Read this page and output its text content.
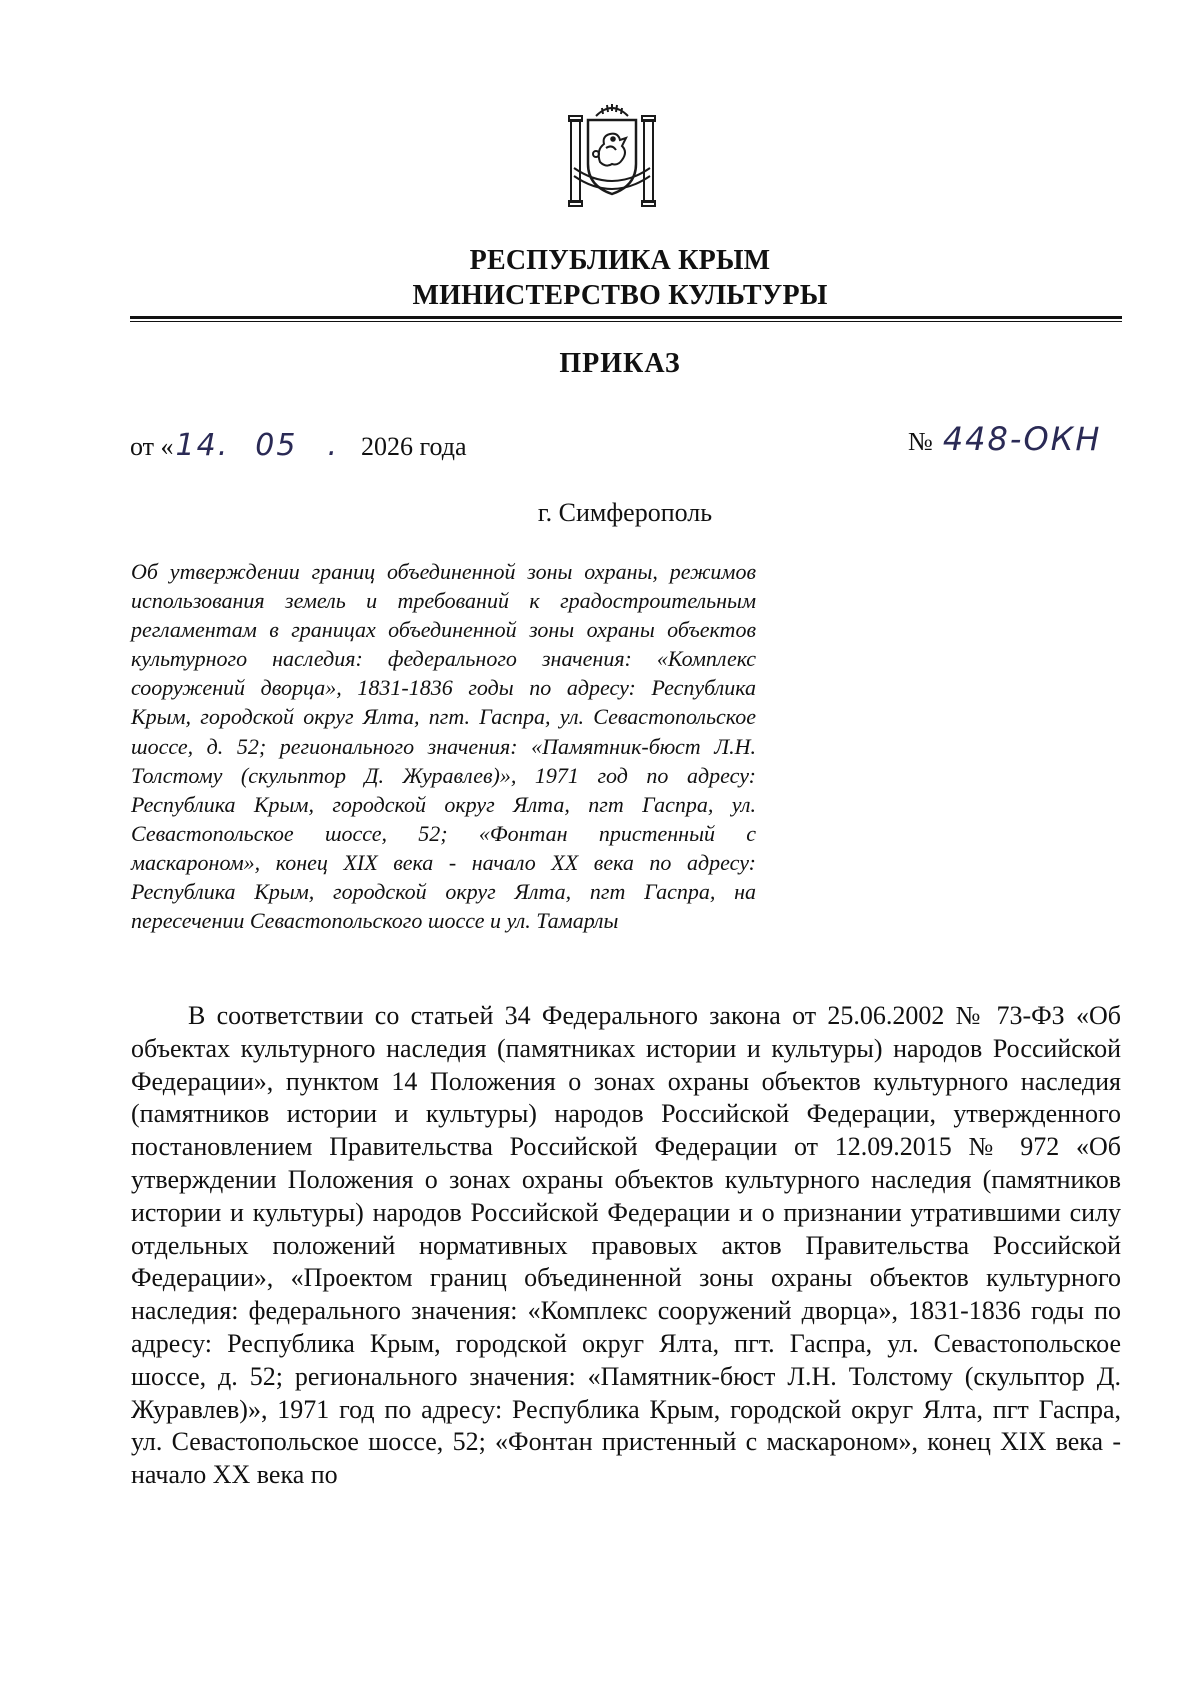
РЕСПУБЛИКА КРЫМ
МИНИСТЕРСТВО КУЛЬТУРЫ
ПРИКАЗ
от «14. 05 . 2026 года	№ 448-ОКН
г. Симферополь
Об утверждении границ объединенной зоны охраны, режимов использования земель и требований к градостроительным регламентам в границах объединенной зоны охраны объектов культурного наследия: федерального значения: «Комплекс сооружений дворца», 1831-1836 годы по адресу: Республика Крым, городской округ Ялта, пгт. Гаспра, ул. Севастопольское шоссе, д. 52; регионального значения: «Памятник-бюст Л.Н. Толстому (скульптор Д. Журавлев)», 1971 год по адресу: Республика Крым, городской округ Ялта, пгт Гаспра, ул. Севастопольское шоссе, 52; «Фонтан пристенный с маскароном», конец XIX века - начало XX века по адресу: Республика Крым, городской округ Ялта, пгт Гаспра, на пересечении Севастопольского шоссе и ул. Тамарлы
В соответствии со статьей 34 Федерального закона от 25.06.2002 № 73-ФЗ «Об объектах культурного наследия (памятниках истории и культуры) народов Российской Федерации», пунктом 14 Положения о зонах охраны объектов культурного наследия (памятников истории и культуры) народов Российской Федерации, утвержденного постановлением Правительства Российской Федерации от 12.09.2015 № 972 «Об утверждении Положения о зонах охраны объектов культурного наследия (памятников истории и культуры) народов Российской Федерации и о признании утратившими силу отдельных положений нормативных правовых актов Правительства Российской Федерации», «Проектом границ объединенной зоны охраны объектов культурного наследия: федерального значения: «Комплекс сооружений дворца», 1831-1836 годы по адресу: Республика Крым, городской округ Ялта, пгт. Гаспра, ул. Севастопольское шоссе, д. 52; регионального значения: «Памятник-бюст Л.Н. Толстому (скульптор Д. Журавлев)», 1971 год по адресу: Республика Крым, городской округ Ялта, пгт Гаспра, ул. Севастопольское шоссе, 52; «Фонтан пристенный с маскароном», конец XIX века - начало XX века по
